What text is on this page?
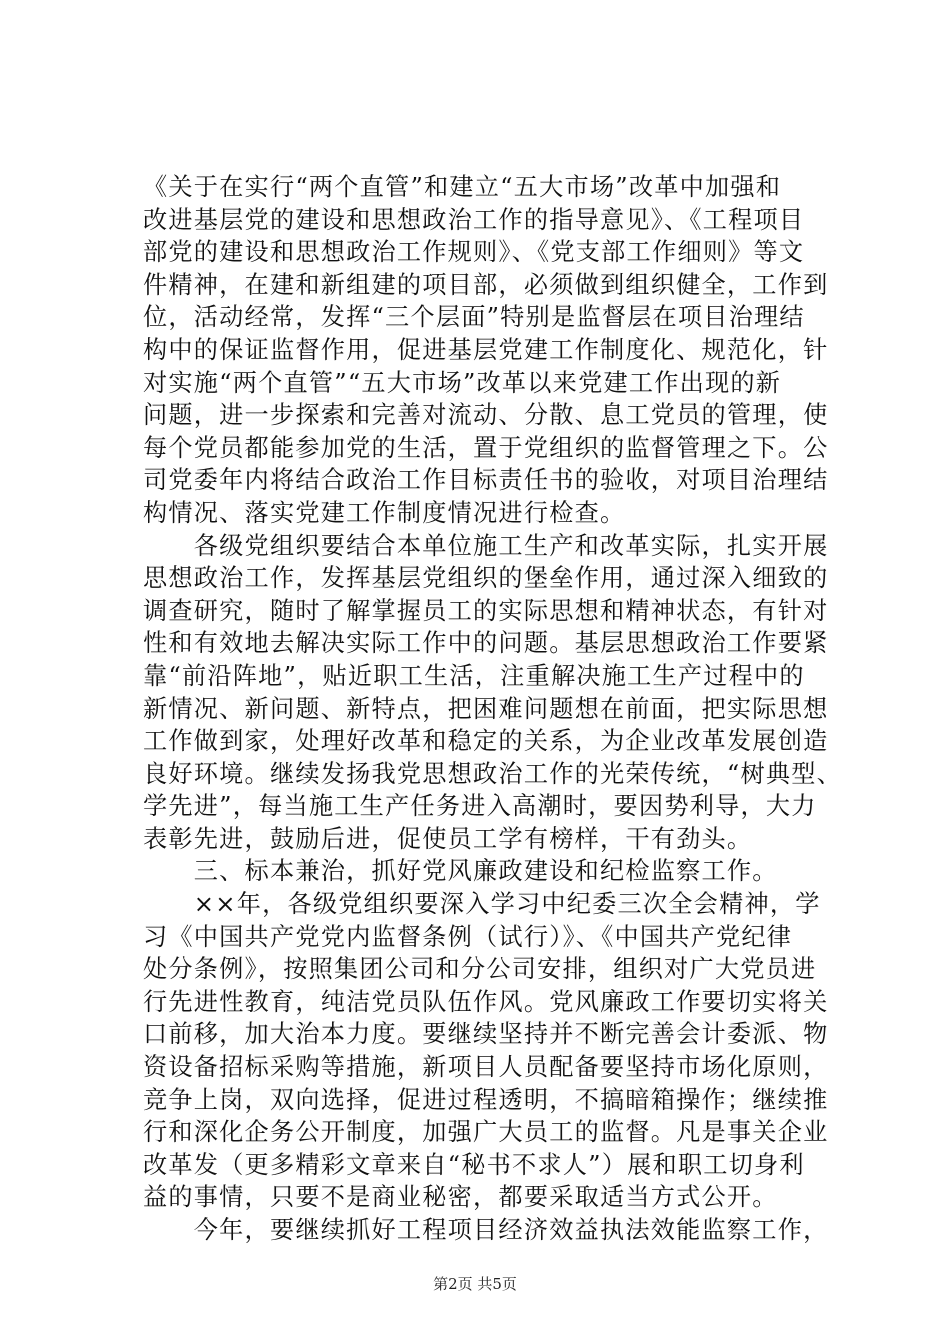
《关于在实行“两个直管”和建立“五大市场”改革中加强和
改进基层党的建设和思想政治工作的指导意见》、《工程项目
部党的建设和思想政治工作规则》、《党支部工作细则》等文
件精神，在建和新组建的项目部，必须做到组织健全，工作到
位，活动经常，发挥“三个层面”特别是监督层在项目治理结
构中的保证监督作用，促进基层党建工作制度化、规范化，针
对实施“两个直管”“五大市场”改革以来党建工作出现的新
问题，进一步探索和完善对流动、分散、息工党员的管理，使
每个党员都能参加党的生活，置于党组织的监督管理之下。公
司党委年内将结合政治工作目标责任书的验收，对项目治理结
构情况、落实党建工作制度情况进行检查。
　　各级党组织要结合本单位施工生产和改革实际，扎实开展
思想政治工作，发挥基层党组织的堡垒作用，通过深入细致的
调查研究，随时了解掌握员工的实际思想和精神状态，有针对
性和有效地去解决实际工作中的问题。基层思想政治工作要紧
靠“前沿阵地”，贴近职工生活，注重解决施工生产过程中的
新情况、新问题、新特点，把困难问题想在前面，把实际思想
工作做到家，处理好改革和稳定的关系，为企业改革发展创造
良好环境。继续发扬我党思想政治工作的光荣传统，“树典型、
学先进”，每当施工生产任务进入高潮时，要因势利导，大力
表彰先进，鼓励后进，促使员工学有榜样，干有劲头。
　　三、标本兼治，抓好党风廉政建设和纪检监察工作。
　　××年，各级党组织要深入学习中纪委三次全会精神，学
习《中国共产党党内监督条例（试行）》、《中国共产党纪律
处分条例》，按照集团公司和分公司安排，组织对广大党员进
行先进性教育，纯洁党员队伍作风。党风廉政工作要切实将关
口前移，加大治本力度。要继续坚持并不断完善会计委派、物
资设备招标采购等措施，新项目人员配备要坚持市场化原则，
竞争上岗，双向选择，促进过程透明，不搞暗箱操作；继续推
行和深化企务公开制度，加强广大员工的监督。凡是事关企业
改革发（更多精彩文章来自“秘书不求人”）展和职工切身利
益的事情，只要不是商业秘密，都要采取适当方式公开。
　　今年，要继续抓好工程项目经济效益执法效能监察工作，
第2页 共5页
